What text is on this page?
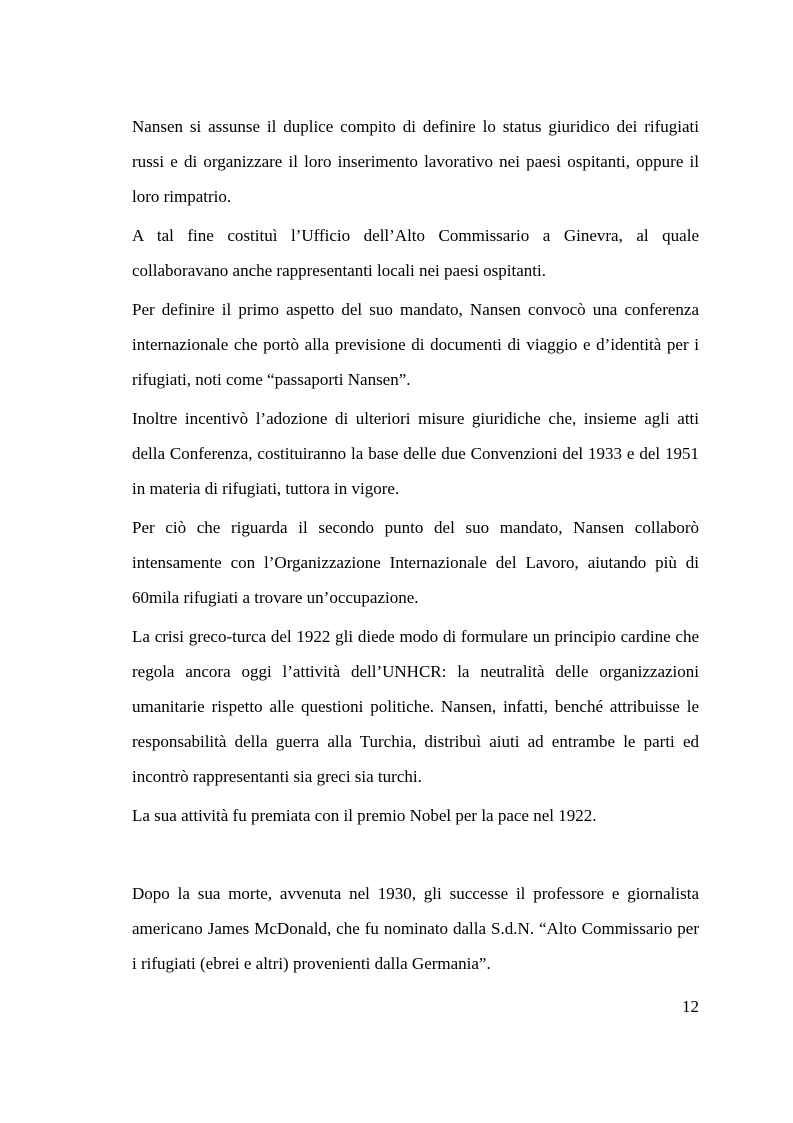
Nansen si assunse il duplice compito di definire lo status giuridico dei rifugiati russi e di organizzare il loro inserimento lavorativo nei paesi ospitanti, oppure il loro rimpatrio.

A tal fine costituì l’Ufficio dell’Alto Commissario a Ginevra, al quale collaboravano anche rappresentanti locali nei paesi ospitanti.

Per definire il primo aspetto del suo mandato, Nansen convocò una conferenza internazionale che portò alla previsione di documenti di viaggio e d’identità per i rifugiati, noti come “passaporti Nansen”.

Inoltre incentivò l’adozione di ulteriori misure giuridiche che, insieme agli atti della Conferenza, costituiranno la base delle due Convenzioni del 1933 e del 1951 in materia di rifugiati, tuttora in vigore.

Per ciò che riguarda il secondo punto del suo mandato, Nansen collaborò intensamente con l’Organizzazione Internazionale del Lavoro, aiutando più di 60mila rifugiati a trovare un’occupazione.

La crisi greco-turca del 1922 gli diede modo di formulare un principio cardine che regola ancora oggi l’attività dell’UNHCR: la neutralità delle organizzazioni umanitarie rispetto alle questioni politiche. Nansen, infatti, benché attribuisse le responsabilità della guerra alla Turchia, distribuì aiuti ad entrambe le parti ed incontrò rappresentanti sia greci sia turchi.

La sua attività fu premiata con il premio Nobel per la pace nel 1922.

Dopo la sua morte, avvenuta nel 1930, gli successe il professore e giornalista americano James McDonald, che fu nominato dalla S.d.N. “Alto Commissario per i rifugiati (ebrei e altri) provenienti dalla Germania”.

12
